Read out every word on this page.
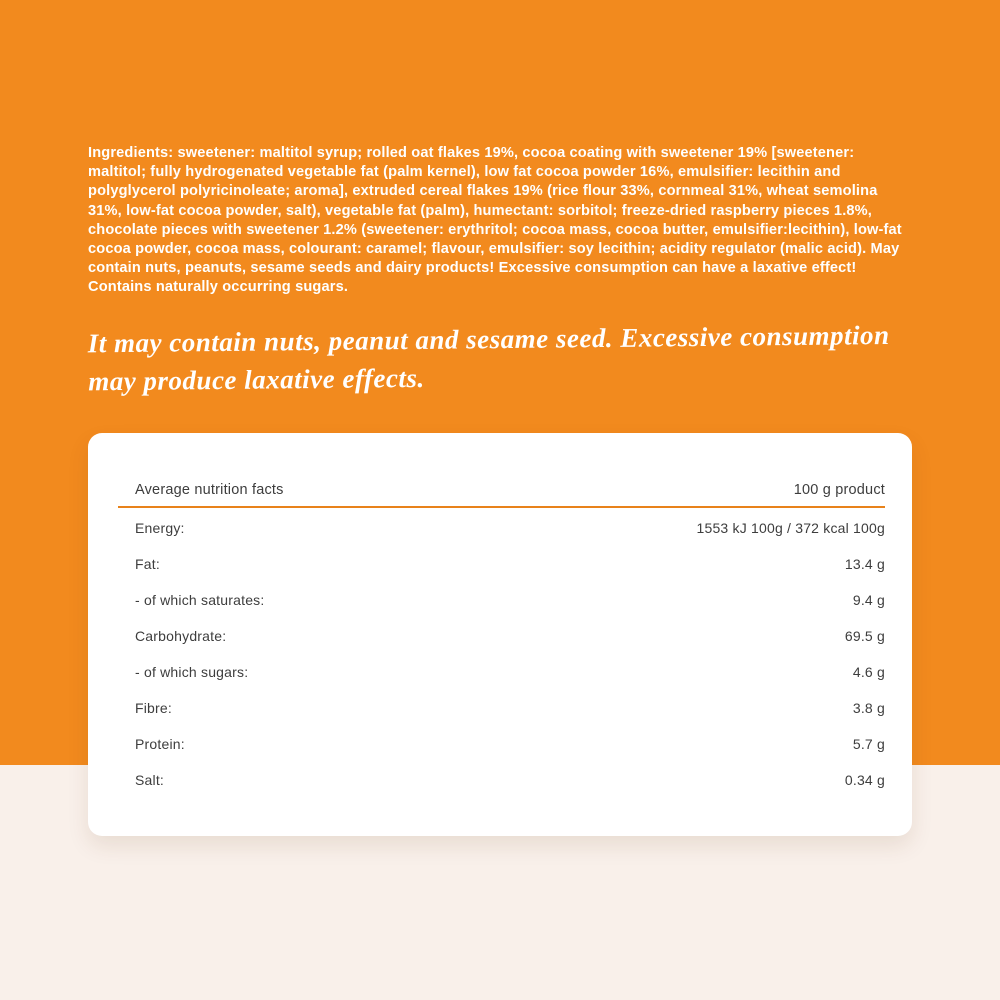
Ingredients: sweetener: maltitol syrup; rolled oat flakes 19%, cocoa coating with sweetener 19% [sweetener: maltitol; fully hydrogenated vegetable fat (palm kernel), low fat cocoa powder 16%, emulsifier: lecithin and polyglycerol polyricinoleate; aroma], extruded cereal flakes 19% (rice flour 33%, cornmeal 31%, wheat semolina 31%, low-fat cocoa powder, salt), vegetable fat (palm), humectant: sorbitol; freeze-dried raspberry pieces 1.8%, chocolate pieces with sweetener 1.2% (sweetener: erythritol; cocoa mass, cocoa butter, emulsifier:lecithin), low-fat cocoa powder, cocoa mass, colourant: caramel; flavour, emulsifier: soy lecithin; acidity regulator (malic acid). May contain nuts, peanuts, sesame seeds and dairy products! Excessive consumption can have a laxative effect! Contains naturally occurring sugars.

It may contain nuts, peanut and sesame seed. Excessive consumption may produce laxative effects.

Average nutrition facts	100 g product
Energy:	1553 kJ 100g / 372 kcal 100g
Fat:	13.4 g
- of which saturates:	9.4 g
Carbohydrate:	69.5 g
- of which sugars:	4.6 g
Fibre:	3.8 g
Protein:	5.7 g
Salt:	0.34 g
